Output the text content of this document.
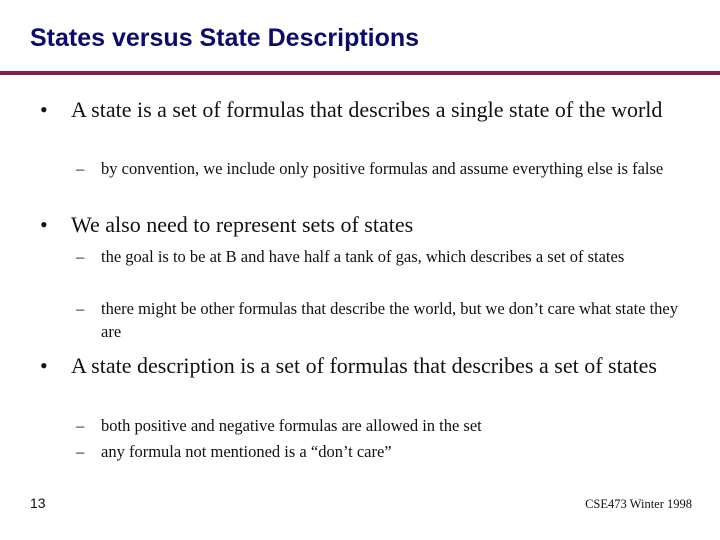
States versus State Descriptions
• A state is a set of formulas that describes a single state of the world
– by convention, we include only positive formulas and assume everything else is false
• We also need to represent sets of states
– the goal is to be at B and have half a tank of gas, which describes a set of states
– there might be other formulas that describe the world, but we don’t care what state they are
• A state description is a set of formulas that describes a set of states
– both positive and negative formulas are allowed in the set
– any formula not mentioned is a “don’t care”
13	CSE473 Winter 1998
